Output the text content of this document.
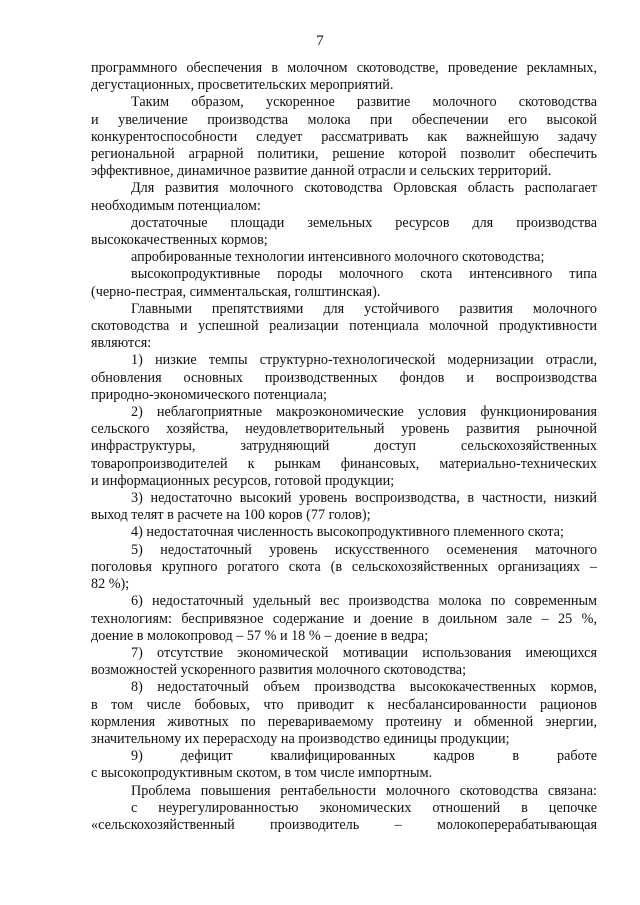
7
программного обеспечения в молочном скотоводстве, проведение рекламных,
дегустационных, просветительских мероприятий.
Таким образом, ускоренное развитие молочного скотоводства
и увеличение производства молока при обеспечении его высокой
конкурентоспособности следует рассматривать как важнейшую задачу
региональной аграрной политики, решение которой позволит обеспечить
эффективное, динамичное развитие данной отрасли и сельских территорий.
Для развития молочного скотоводства Орловская область располагает
необходимым потенциалом:
достаточные площади земельных ресурсов для производства
высококачественных кормов;
апробированные технологии интенсивного молочного скотоводства;
высокопродуктивные породы молочного скота интенсивного типа
(черно-пестрая, симментальская, голштинская).
Главными препятствиями для устойчивого развития молочного
скотоводства и успешной реализации потенциала молочной продуктивности
являются:
1) низкие темпы структурно-технологической модернизации отрасли,
обновления основных производственных фондов и воспроизводства
природно-экономического потенциала;
2) неблагоприятные макроэкономические условия функционирования
сельского хозяйства, неудовлетворительный уровень развития рыночной
инфраструктуры, затрудняющий доступ сельскохозяйственных
товаропроизводителей к рынкам финансовых, материально-технических
и информационных ресурсов, готовой продукции;
3) недостаточно высокий уровень воспроизводства, в частности, низкий
выход телят в расчете на 100 коров (77 голов);
4) недостаточная численность высокопродуктивного племенного скота;
5) недостаточный уровень искусственного осеменения маточного
поголовья крупного рогатого скота (в сельскохозяйственных организациях –
82 %);
6) недостаточный удельный вес производства молока по современным
технологиям: беспривязное содержание и доение в доильном зале – 25 %,
доение в молокопровод – 57 % и 18 % – доение в ведра;
7) отсутствие экономической мотивации использования имеющихся
возможностей ускоренного развития молочного скотоводства;
8) недостаточный объем производства высококачественных кормов,
в том числе бобовых, что приводит к несбалансированности рационов
кормления животных по перевариваемому протеину и обменной энергии,
значительному их перерасходу на производство единицы продукции;
9) дефицит квалифицированных кадров в работе
с высокопродуктивным скотом, в том числе импортным.
Проблема повышения рентабельности молочного скотоводства связана:
с неурегулированностью экономических отношений в цепочке
«сельскохозяйственный производитель – молокоперерабатывающая
